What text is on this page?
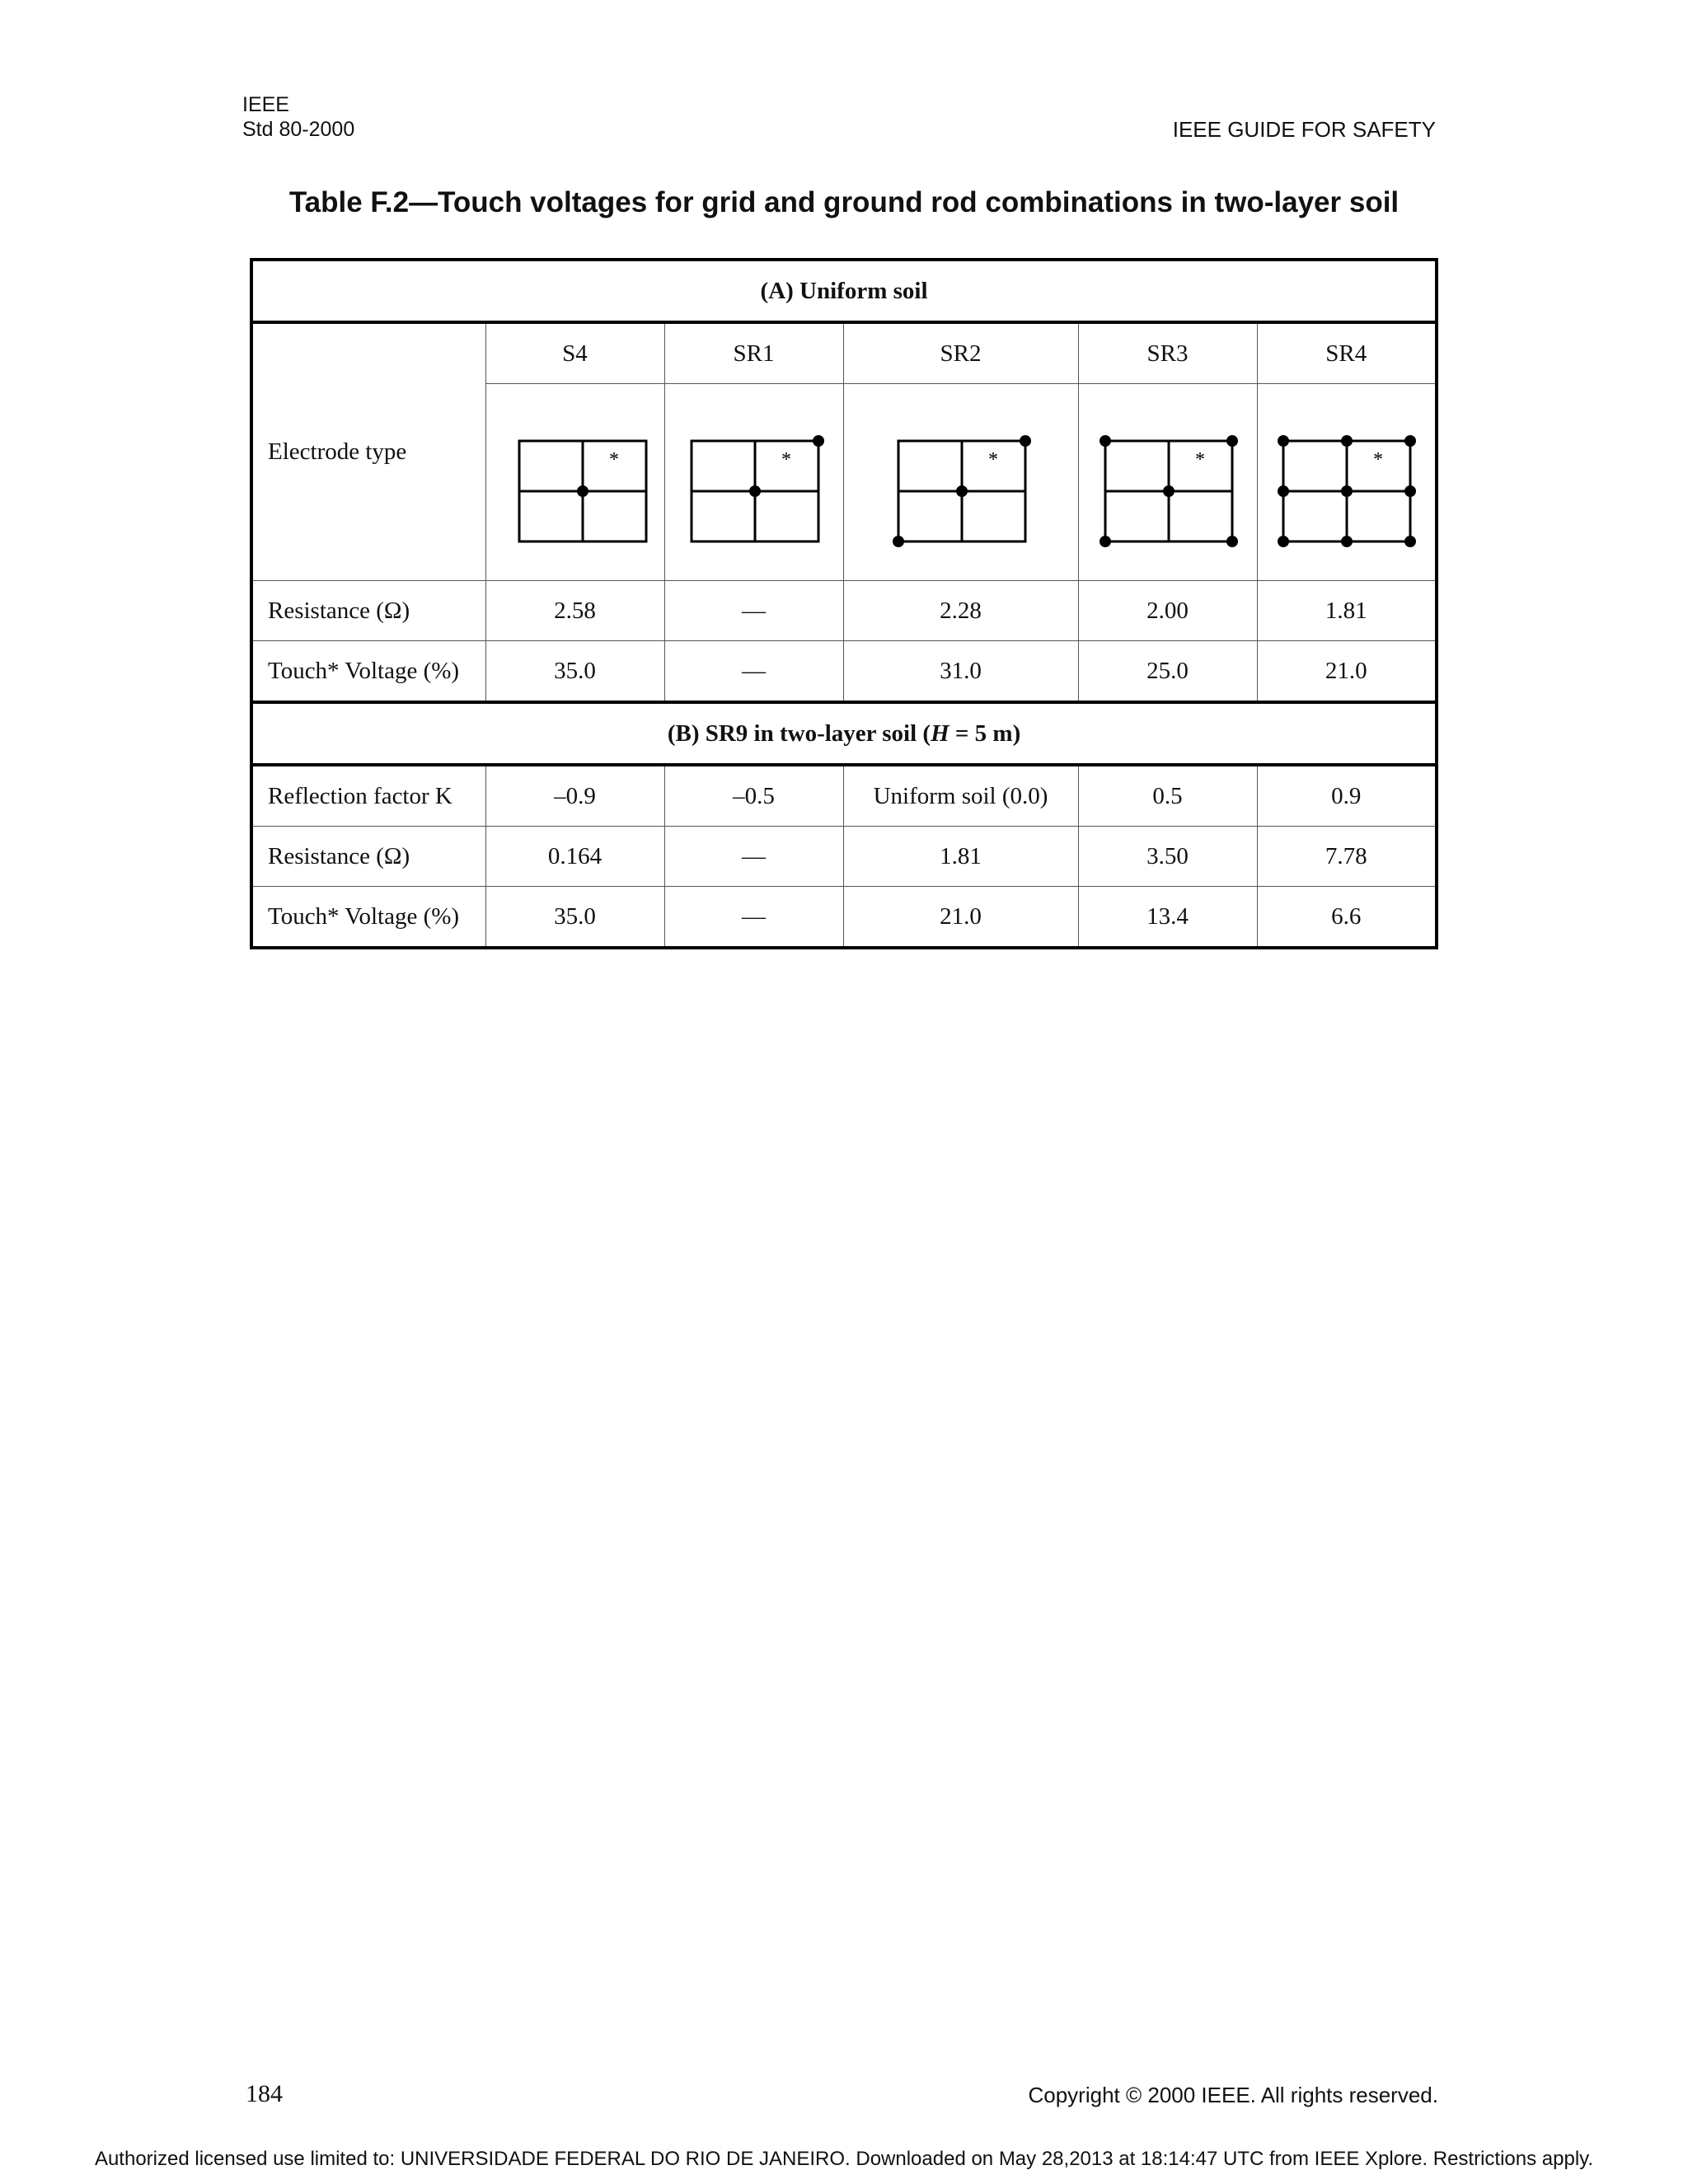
IEEE
Std 80-2000	IEEE GUIDE FOR SAFETY
Table F.2—Touch voltages for grid and ground rod combinations in two-layer soil
(A) Uniform soil					
Electrode type	S4	SR1	SR2	SR3	SR4

*	*	*	*	*

Resistance (Ω)	2.58	—	2.28	2.00	1.81
Touch* Voltage (%)	35.0	—	31.0	25.0	21.0
(B) SR9 in two-layer soil (H = 5 m)					
Reflection factor K	–0.9	–0.5	Uniform soil (0.0)	0.5	0.9
Resistance (Ω)	0.164	—	1.81	3.50	7.78
Touch* Voltage (%)	35.0	—	21.0	13.4	6.6
184	Copyright © 2000 IEEE. All rights reserved.
Authorized licensed use limited to: UNIVERSIDADE FEDERAL DO RIO DE JANEIRO. Downloaded on May 28,2013 at 18:14:47 UTC from IEEE Xplore. Restrictions apply.
